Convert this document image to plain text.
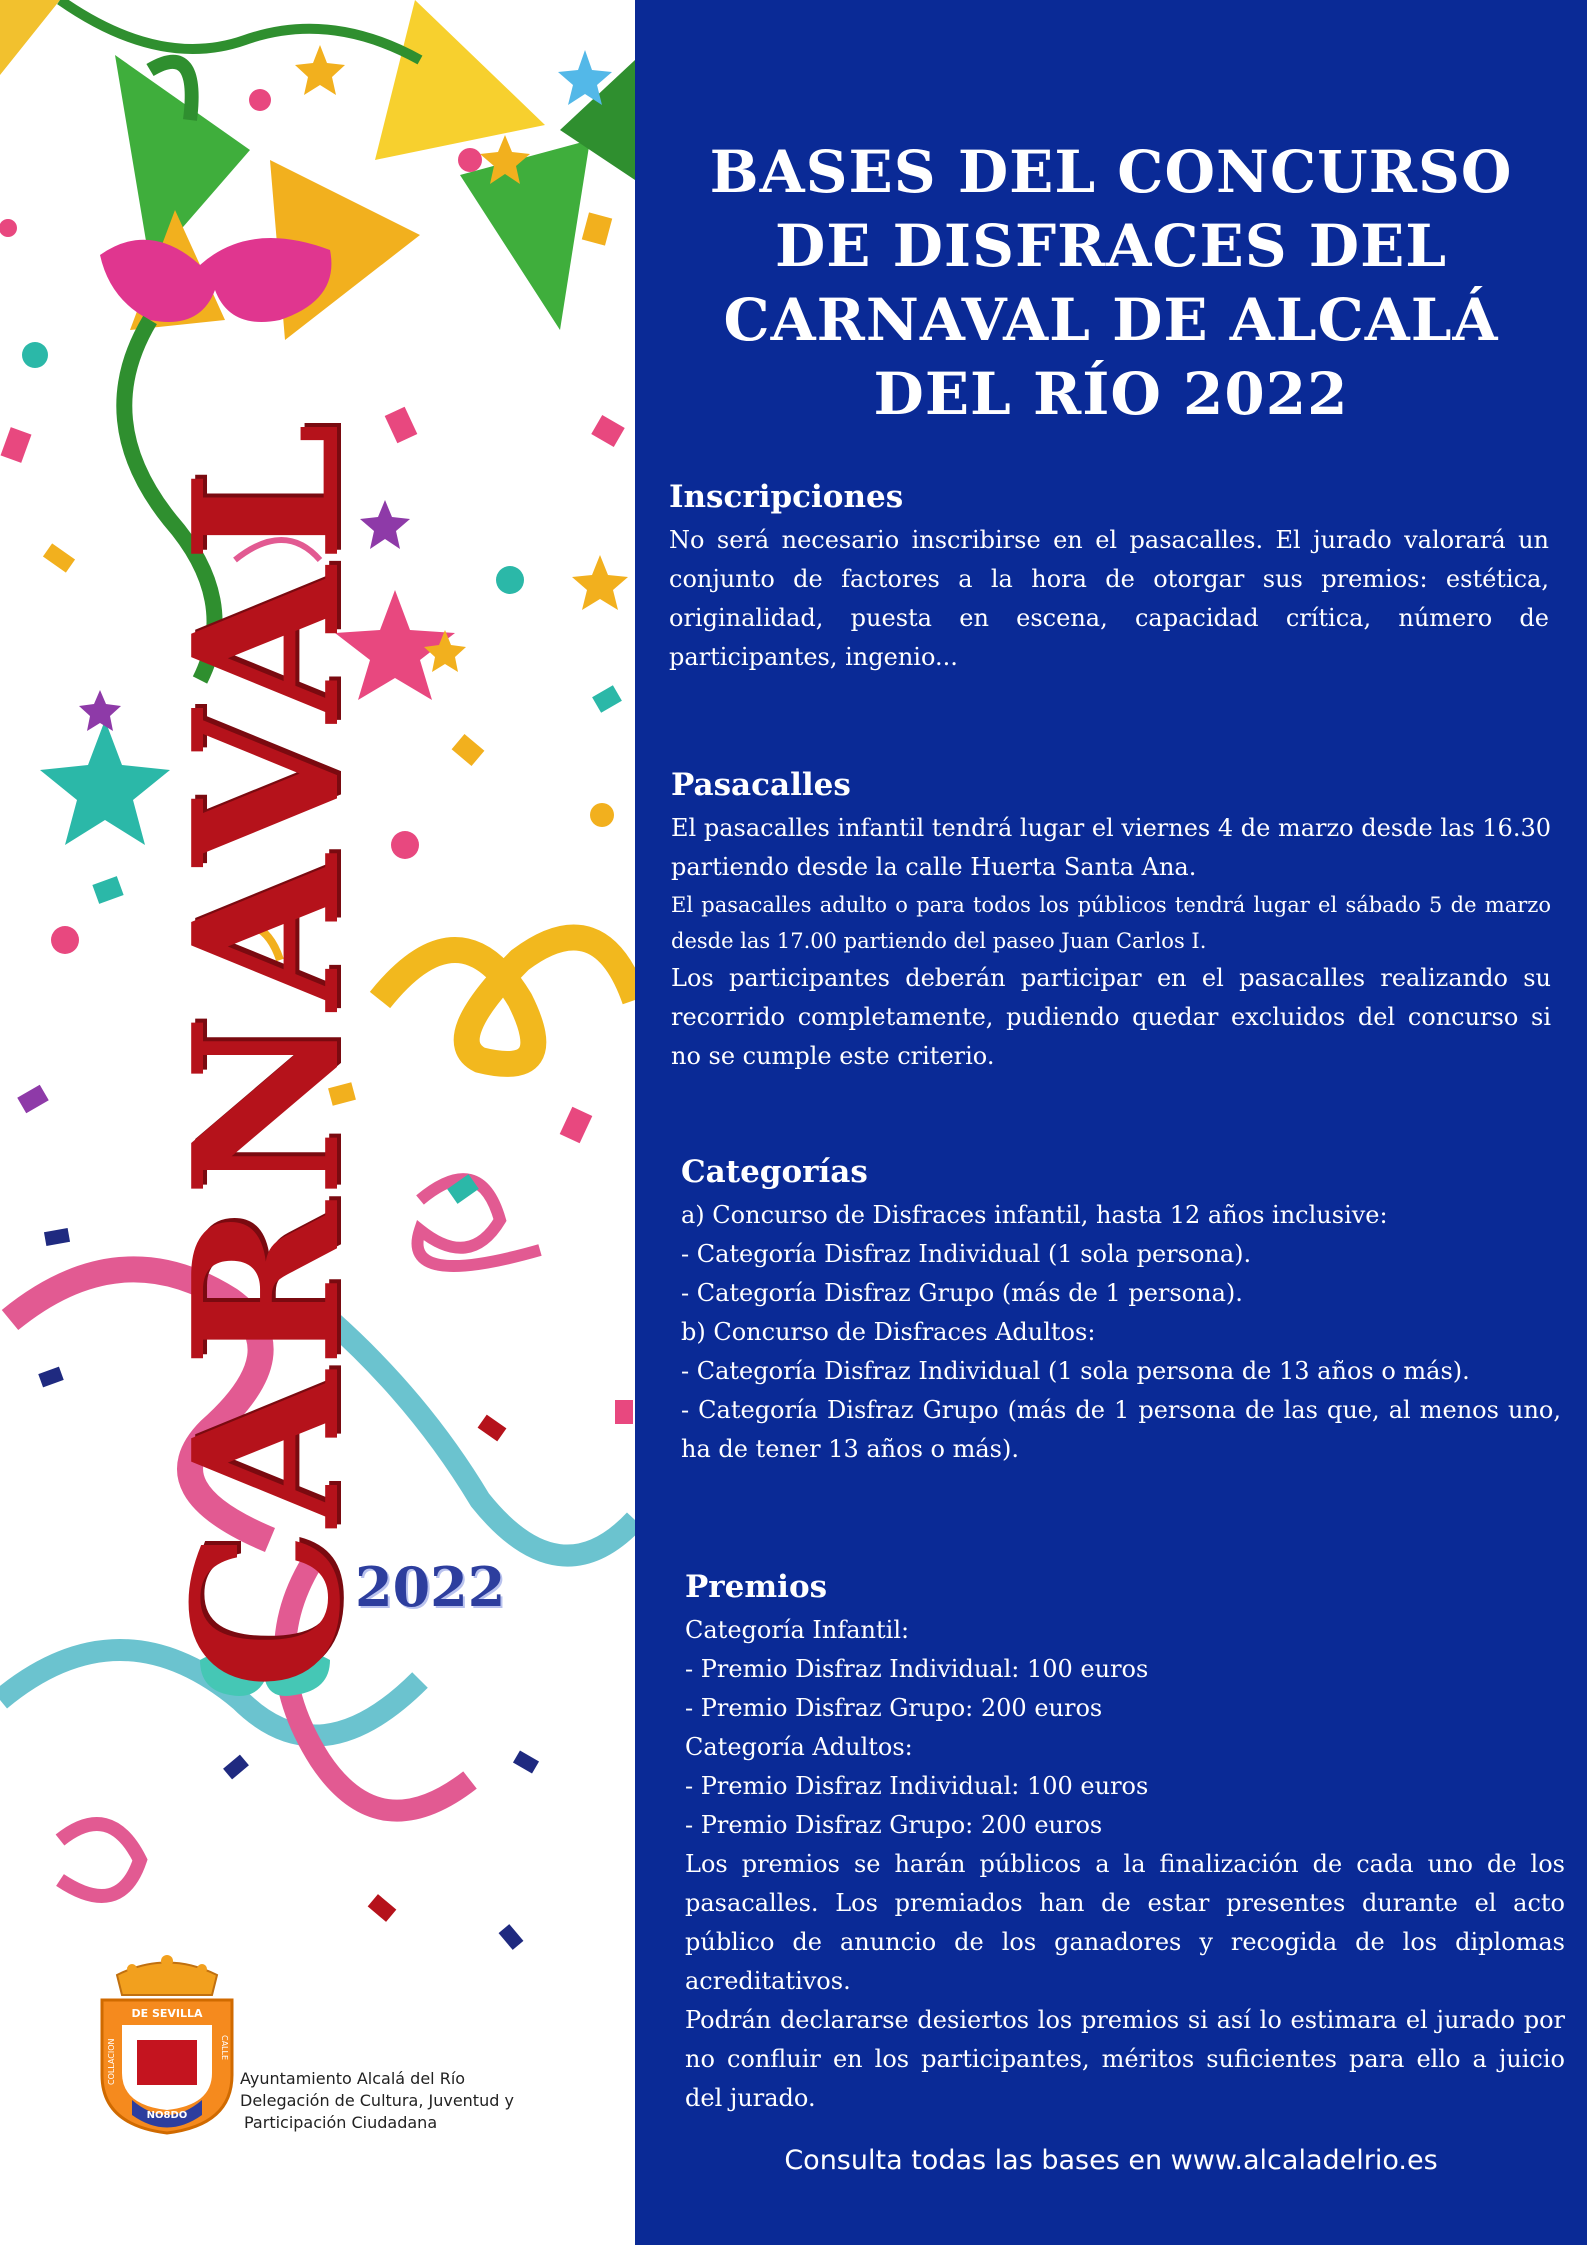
CARNAVAL
2022
DE SEVILLA
NO8DO
COLLACION	CALLE
Ayuntamiento Alcalá del Río
Delegación de Cultura, Juventud y
Participación Ciudadana
BASES DEL CONCURSO DE DISFRACES DEL CARNAVAL DE ALCALÁ DEL RÍO 2022
Inscripciones

No será necesario inscribirse en el pasacalles. El jurado valorará un conjunto de factores a la hora de otorgar sus premios: estética, originalidad, puesta en escena, capacidad crítica, número de participantes, ingenio...

Pasacalles

El pasacalles infantil tendrá lugar el viernes 4 de marzo desde las 16.30 partiendo desde la calle Huerta Santa Ana.

El pasacalles adulto o para todos los públicos tendrá lugar el sábado 5 de marzo desde las 17.00 partiendo del paseo Juan Carlos I.

Los participantes deberán participar en el pasacalles realizando su recorrido completamente, pudiendo quedar excluidos del concurso si no se cumple este criterio.

Categorías

a) Concurso de Disfraces infantil, hasta 12 años inclusive:

- Categoría Disfraz Individual (1 sola persona).

- Categoría Disfraz Grupo (más de 1 persona).

b) Concurso de Disfraces Adultos:

- Categoría Disfraz Individual (1 sola persona de 13 años o más).

- Categoría Disfraz Grupo (más de 1 persona de las que, al menos uno, ha de tener 13 años o más).

Premios

Categoría Infantil:

- Premio Disfraz Individual: 100 euros

- Premio Disfraz Grupo: 200 euros

Categoría Adultos:

- Premio Disfraz Individual: 100 euros

- Premio Disfraz Grupo: 200 euros

Los premios se harán públicos a la finalización de cada uno de los pasacalles. Los premiados han de estar presentes durante el acto público de anuncio de los ganadores y recogida de los diplomas acreditativos.

Podrán declararse desiertos los premios si así lo estimara el jurado por no confluir en los participantes, méritos suficientes para ello a juicio del jurado.

Consulta todas las bases en www.alcaladelrio.es
